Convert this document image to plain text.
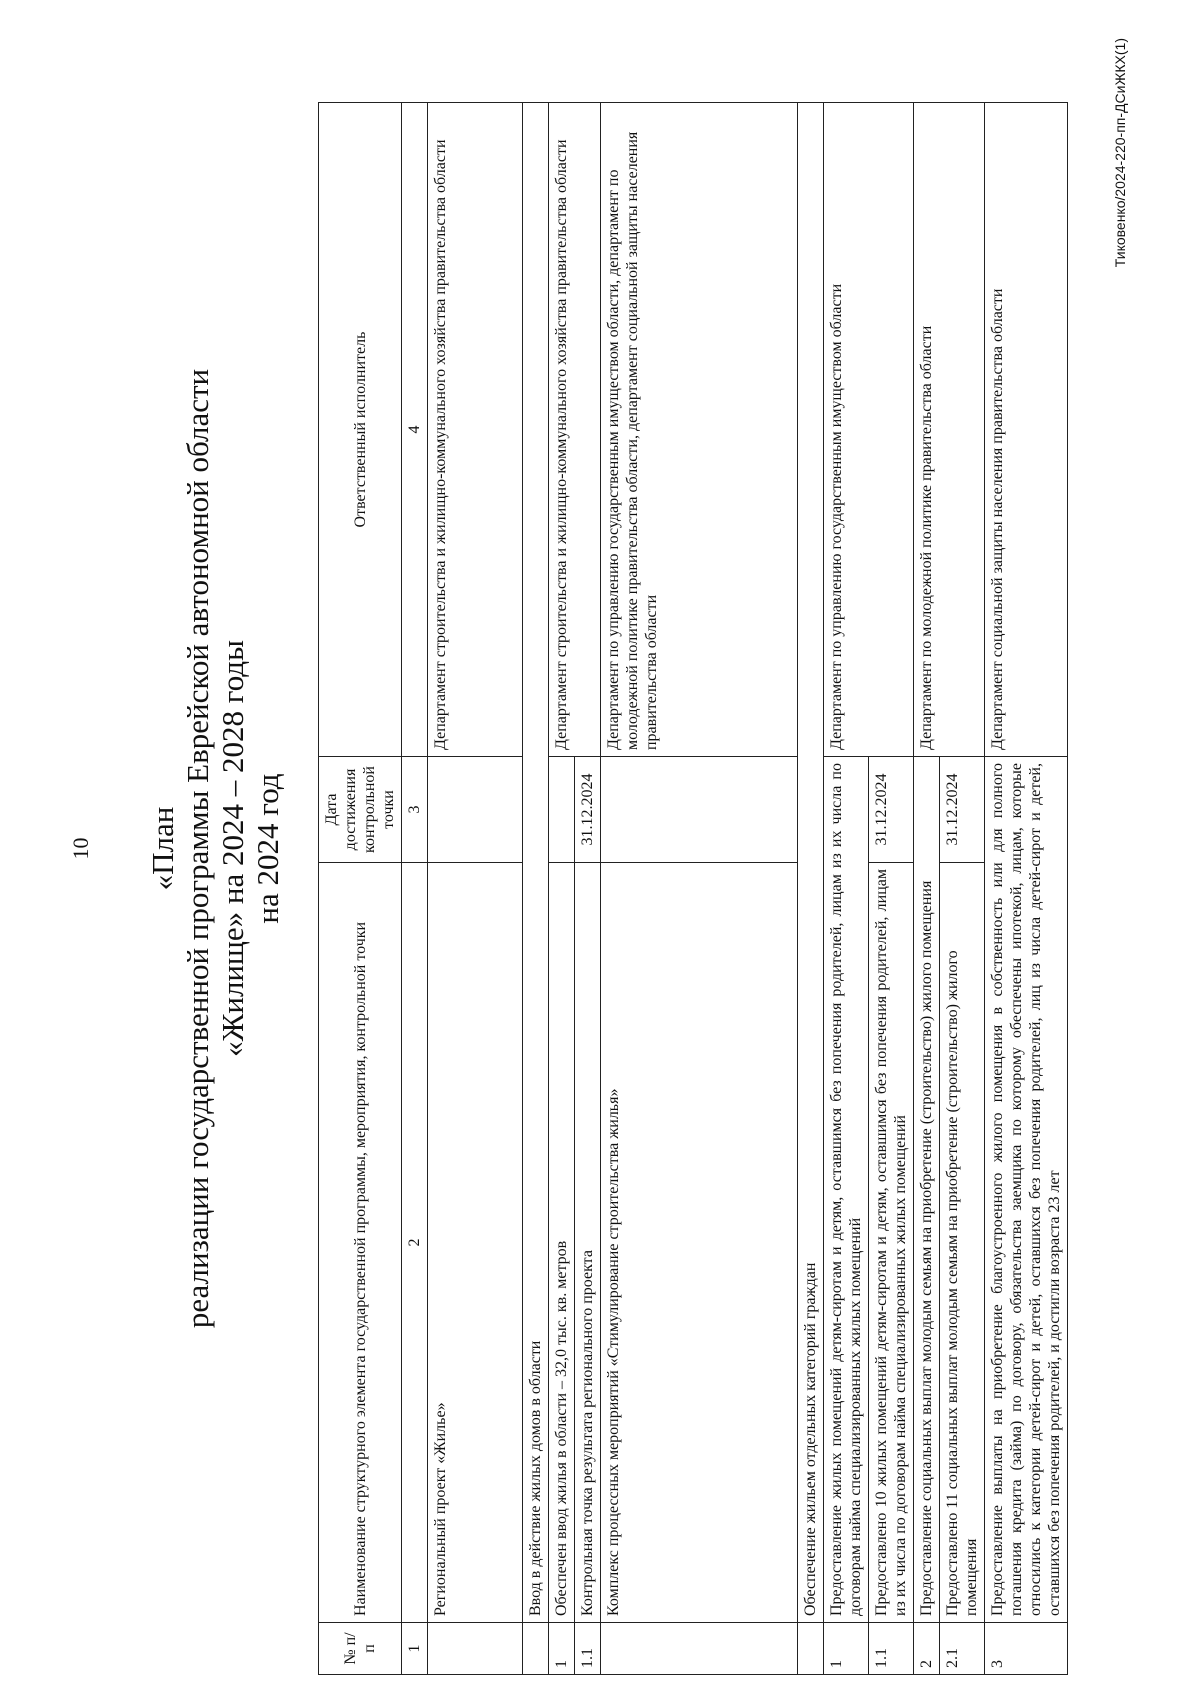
10 «План реализации государственной программы Еврейской автономной области «Жилище» на 2024 – 2028 годы на 2024 год
№ п/п	Наименование структурного элемента государственной программы, мероприятия, контрольной точки	Дата достижения контрольной точки	Ответственный исполнитель
1	2	3	4
	Региональный проект «Жилье»		Департамент строительства и жилищно-коммунального хозяйства правительства области
	Ввод в действие жилых домов в области		
1	Обеспечен ввод жилья в области – 32,0 тыс. кв. метров		Департамент строительства и жилищно-коммунального хозяйства правительства области
1.1	Контрольная точка результата регионального проекта	31.12.2024	
	Комплекс процессных мероприятий «Стимулирование строительства жилья»		Департамент по управлению государственным имуществом области, департамент по молодежной политике правительства области, департамент социальной защиты населения правительства области
	Обеспечение жильем отдельных категорий граждан		
1	Предоставление жилых помещений детям-сиротам и детям, оставшимся без попечения родителей, лицам из их числа по договорам найма специализированных жилых помещений		Департамент по управлению государственным имуществом области
1.1	Предоставлено 10 жилых помещений детям-сиротам и детям, оставшимся без попечения родителей, лицам из их числа по договорам найма специализированных жилых помещений	31.12.2024	
2	Предоставление социальных выплат молодым семьям на приобретение (строительство) жилого помещения		Департамент по молодежной политике правительства области
2.1	Предоставлено 11 социальных выплат молодым семьям на приобретение (строительство) жилого помещения	31.12.2024	
3	Предоставление выплаты на приобретение благоустроенного жилого помещения в собственность или для полного погашения кредита (займа) по договору, обязательства заемщика по которому обеспечены ипотекой, лицам, которые относились к категории детей-сирот и детей, оставшихся без попечения родителей, лиц из числа детей-сирот и детей, оставшихся без попечения родителей, и достигли возраста 23 лет		Департамент социальной защиты населения правительства области
Тиковенко/2024-220-пп-ДСиЖКХ(1)
